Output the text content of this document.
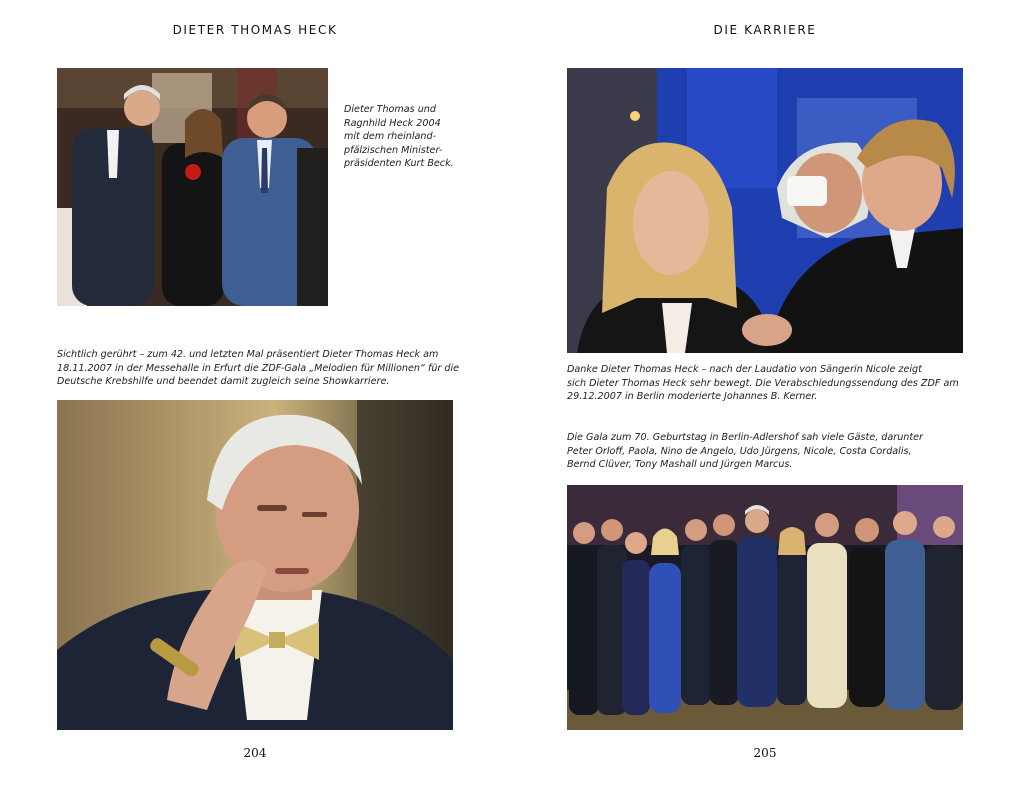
DIETER THOMAS HECK
Dieter Thomas und
Ragnhild Heck 2004
mit dem rheinland-
pfälzischen Minister-
präsidenten Kurt Beck.
Sichtlich gerührt – zum 42. und letzten Mal präsentiert Dieter Thomas Heck am
18.11.2007 in der Messehalle in Erfurt die ZDF-Gala „Melodien für Millionen“ für die
Deutsche Krebshilfe und beendet damit zugleich seine Showkarriere.
204
DIE KARRIERE
Danke Dieter Thomas Heck – nach der Laudatio von Sängerin Nicole zeigt
sich Dieter Thomas Heck sehr bewegt. Die Verabschiedungssendung des ZDF am
29.12.2007 in Berlin moderierte Johannes B. Kerner.
Die Gala zum 70. Geburtstag in Berlin-Adlershof sah viele Gäste, darunter
Peter Orloff, Paola, Nino de Angelo, Udo Jürgens, Nicole, Costa Cordalis,
Bernd Clüver, Tony Mashall und Jürgen Marcus.
205
